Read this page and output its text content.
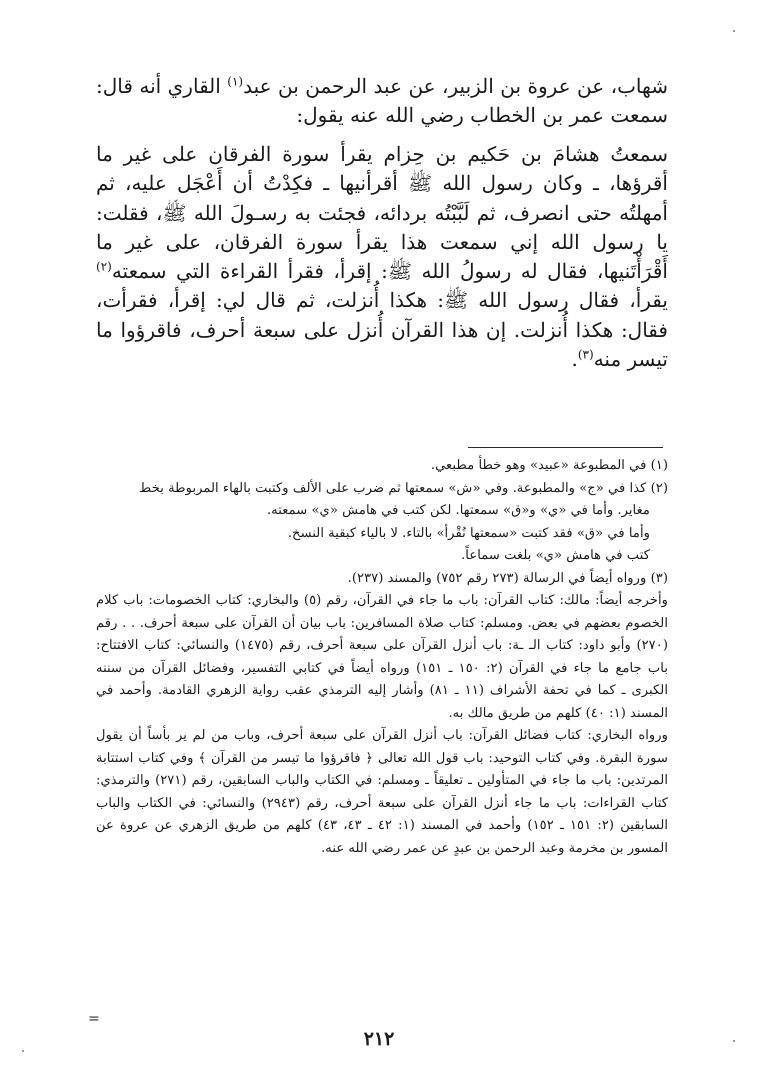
شهاب، عن عروة بن الزبير، عن عبد الرحمن بن عبد$^{(١)}$ القاري أنه قال: سمعت عمر بن الخطاب رضي الله عنه يقول:

سمعتُ هشامَ بن حَكيم بن حِزام يقرأ سورة الفرقان على غير ما أقرؤها، ـ وكان رسول الله ﷺ أقرأنيها ـ فكِدْتُ أن أَعْجَل عليه، ثم أمهلتُه حتى انصرف، ثم لَبَّبْتُه بردائه، فجئت به رسـولَ الله ﷺ، فقلت: يا رسول الله إني سمعت هذا يقرأ سورة الفرقان، على غير ما أَقْرَأْتَنيها، فقال له رسولُ الله ﷺ: إقرأ، فقرأ القراءة التي سمعته$^{(٢)}$ يقرأ، فقال رسول الله ﷺ: هكذا أُنزلت، ثم قال لي: إقرأ، فقرأت، فقال: هكذا أُنزلت. إن هذا القرآن أُنزل على سبعة أحرف، فاقرؤوا ما تيسر منه$^{(٣)}$.

(١) في المطبوعة «عبيد» وهو خطأ مطبعي.

(٢) كذا في «ج» والمطبوعة. وفي «ش» سمعتها ثم ضرب على الألف وكتبت بالهاء المربوطة بخط

مغاير. وأما في «ي» و«ق» سمعتها. لكن كتب في هامش «ي» سمعته.

وأما في «ق» فقد كتبت «سمعتها نُقْرأ» بالتاء. لا بالياء كبقية النسخ.

كتب في هامش «ي» بلغت سماعاً.

(٣) ورواه أيضاً في الرسالة (٢٧٣ رقم ٧٥٢) والمسند (٢٣٧).

وأخرجه أيضاً: مالك: كتاب القرآن: باب ما جاء في القرآن، رقم (٥) والبخاري: كتاب الخصومات: باب كلام الخصوم بعضهم في بعض. ومسلم: كتاب صلاة المسافرين: باب بيان أن القرآن على سبعة أحرف. . . رقم (٢٧٠) وأبو داود: كتاب الـ ـة: باب أنزل القرآن على سبعة أحرف، رقم (١٤٧٥) والنسائي: كتاب الافتتاح: باب جامع ما جاء في القرآن (٢: ١٥٠ ـ ١٥١) ورواه أيضاً في كتابي التفسير، وفضائل القرآن من سننه الكبرى ـ كما في تحفة الأشراف (١١ ـ ٨١) وأشار إليه الترمذي عقب رواية الزهري القادمة. وأحمد في المسند (١: ٤٠) كلهم من طريق مالك به.

ورواه البخاري: كتاب فضائل القرآن: باب أنزل القرآن على سبعة أحرف، وباب من لم ير بأساً أن يقول سورة البقرة. وفي كتاب التوحيد: باب قول الله تعالى ﴿ فاقرؤوا ما تيسر من القرآن ﴾ وفي كتاب استتابة المرتدين: باب ما جاء في المتأولين ـ تعليقاً ـ ومسلم: في الكتاب والباب السابقين، رقم (٢٧١) والترمذي: كتاب القراءات: باب ما جاء أنزل القرآن على سبعة أحرف، رقم (٢٩٤٣) والنسائي: في الكتاب والباب السابقين (٢: ١٥١ ـ ١٥٢) وأحمد في المسند (١: ٤٢ ـ ٤٣، ٤٣) كلهم من طريق الزهري عن عروة عن المسور بن مخرمة وعبد الرحمن بن عبدٍ عن عمر رضي الله عنه.

=
٢١٢
